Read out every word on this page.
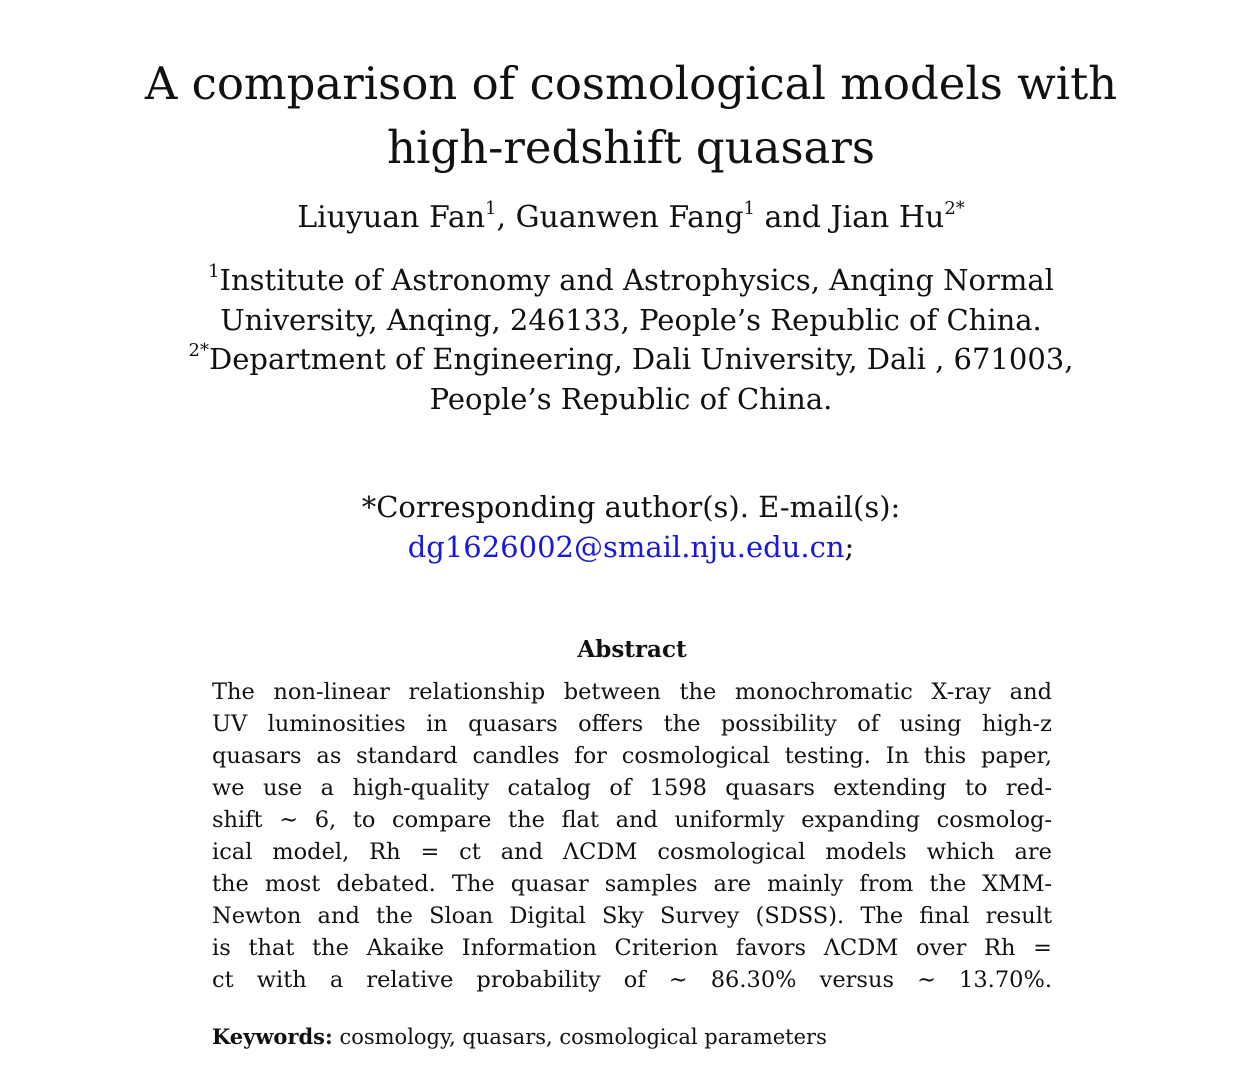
A comparison of cosmological models with
high-redshift quasars
Liuyuan Fan$^1$, Guanwen Fang$^1$ and Jian $Hu^{2*}$
$^1$Institute of Astronomy and Astrophysics, Anqing Normal
University, Anqing, 246133, People’s Republic of China.
$^{2*}$Department of Engineering, Dali University, Dali , 671003,
People’s Republic of China.
*Corresponding author(s). E-mail(s):
dg1626002@smail.nju.edu.cn;
Abstract
The non-linear relationship between the monochromatic X-ray and
UV luminosities in quasars offers the possibility of using high-z
quasars as standard candles for cosmological testing. In this paper,
we use a high-quality catalog of 1598 quasars extending to red-
shift ∼ 6, to compare the flat and uniformly expanding cosmolog-
ical model, Rh = ct and ΛCDM cosmological models which are
the most debated. The quasar samples are mainly from the XMM-
Newton and the Sloan Digital Sky Survey (SDSS). The final result
is that the Akaike Information Criterion favors ΛCDM over Rh =
ct with a relative probability of ∼ 86.30% versus ∼ 13.70%.
Keywords: cosmology, quasars, cosmological parameters
